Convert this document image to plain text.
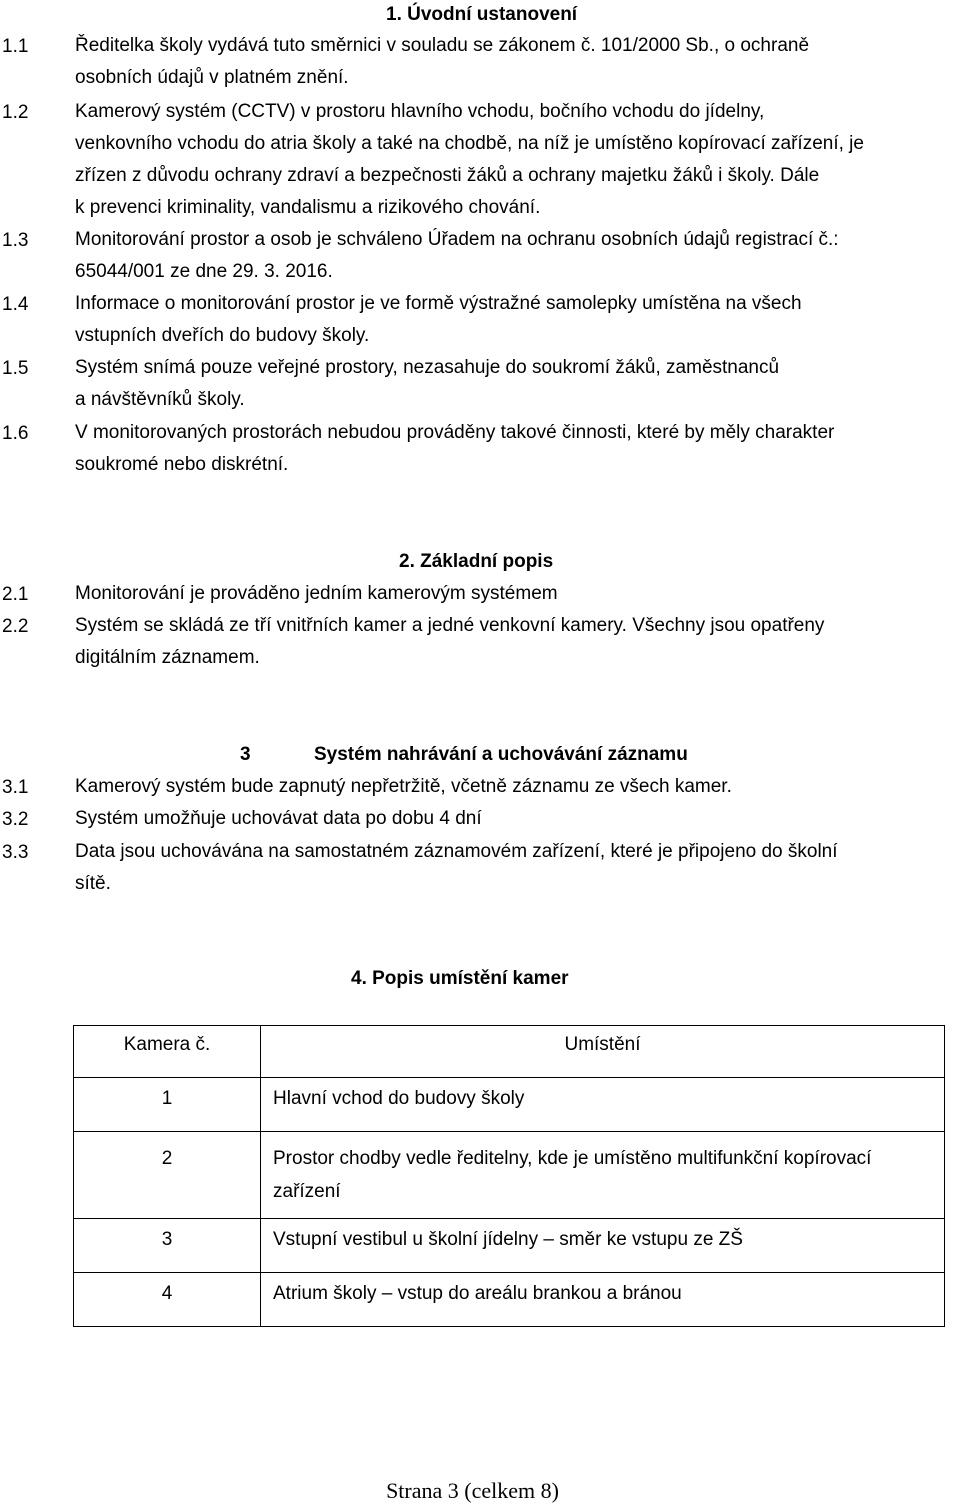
1. Úvodní ustanovení
1.1 Ředitelka školy vydává tuto směrnici v souladu se zákonem č. 101/2000 Sb., o ochraně
osobních údajů v platném znění.
1.2 Kamerový systém (CCTV) v prostoru hlavního vchodu, bočního vchodu do jídelny,
venkovního vchodu do atria školy a také na chodbě, na níž je umístěno kopírovací zařízení, je
zřízen z důvodu ochrany zdraví a bezpečnosti žáků a ochrany majetku žáků i školy. Dále
k prevenci kriminality, vandalismu a rizikového chování.
1.3 Monitorování prostor a osob je schváleno Úřadem na ochranu osobních údajů registrací č.:
65044/001 ze dne 29. 3. 2016.
1.4 Informace o monitorování prostor je ve formě výstražné samolepky umístěna na všech
vstupních dveřích do budovy školy.
1.5 Systém snímá pouze veřejné prostory, nezasahuje do soukromí žáků, zaměstnanců
a návštěvníků školy.
1.6 V monitorovaných prostorách nebudou prováděny takové činnosti, které by měly charakter
soukromé nebo diskrétní.
2. Základní popis
2.1 Monitorování je prováděno jedním kamerovým systémem
2.2 Systém se skládá ze tří vnitřních kamer a jedné venkovní kamery. Všechny jsou opatřeny
digitálním záznamem.
3	Systém nahrávání a uchovávání záznamu
3.1 Kamerový systém bude zapnutý nepřetržitě, včetně záznamu ze všech kamer.
3.2 Systém umožňuje uchovávat data po dobu 4 dní
3.3 Data jsou uchovávána na samostatném záznamovém zařízení, které je připojeno do školní
sítě.
4. Popis umístění kamer
Kamera č.	Umístění
1	Hlavní vchod do budovy školy
2	Prostor chodby vedle ředitelny, kde je umístěno multifunkční kopírovací
zařízení

3	Vstupní vestibul u školní jídelny – směr ke vstupu ze ZŠ
4	Atrium školy – vstup do areálu brankou a bránou
Strana 3 (celkem 8)
